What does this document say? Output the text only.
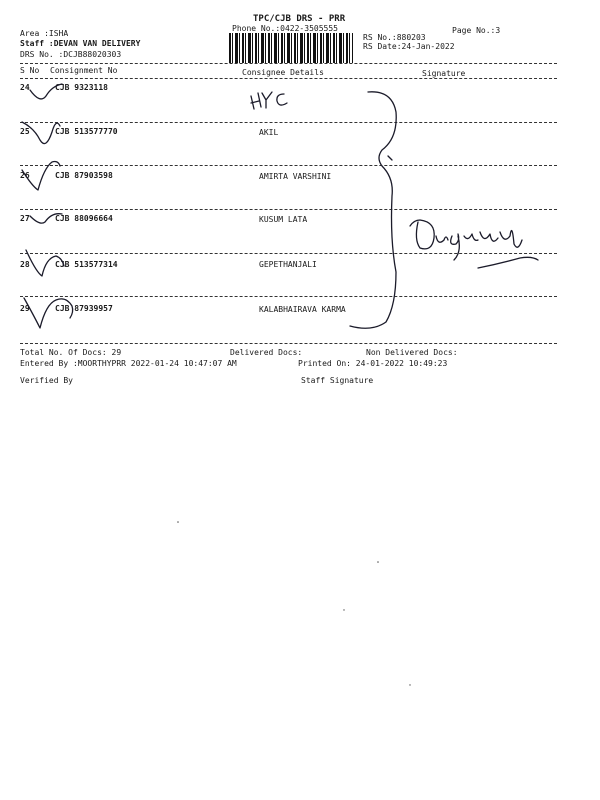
Area :ISHA
Staff :DEVAN VAN DELIVERY
DRS No. :DCJB88020303
TPC/CJB DRS - PRR
Phone No.:0422-3505555	Page No.:3
RS No.:880203
RS Date:24-Jan-2022
S No Consignment No	Consignee Details	Signature
24	CJB 9323118
25	CJB 513577770	AKIL
26	CJB 87903598	AMIRTA VARSHINI
27	CJB 88096664	KUSUM LATA
28	CJB 513577314	GEPETHANJALI
29	CJB 87939957	KALABHAIRAVA KARMA
Total No. Of Docs: 29	Delivered Docs:	Non Delivered Docs:
Entered By :MOORTHYPRR 2022-01-24 10:47:07 AM	Printed On: 24-01-2022 10:49:23
Verified By	Staff Signature
